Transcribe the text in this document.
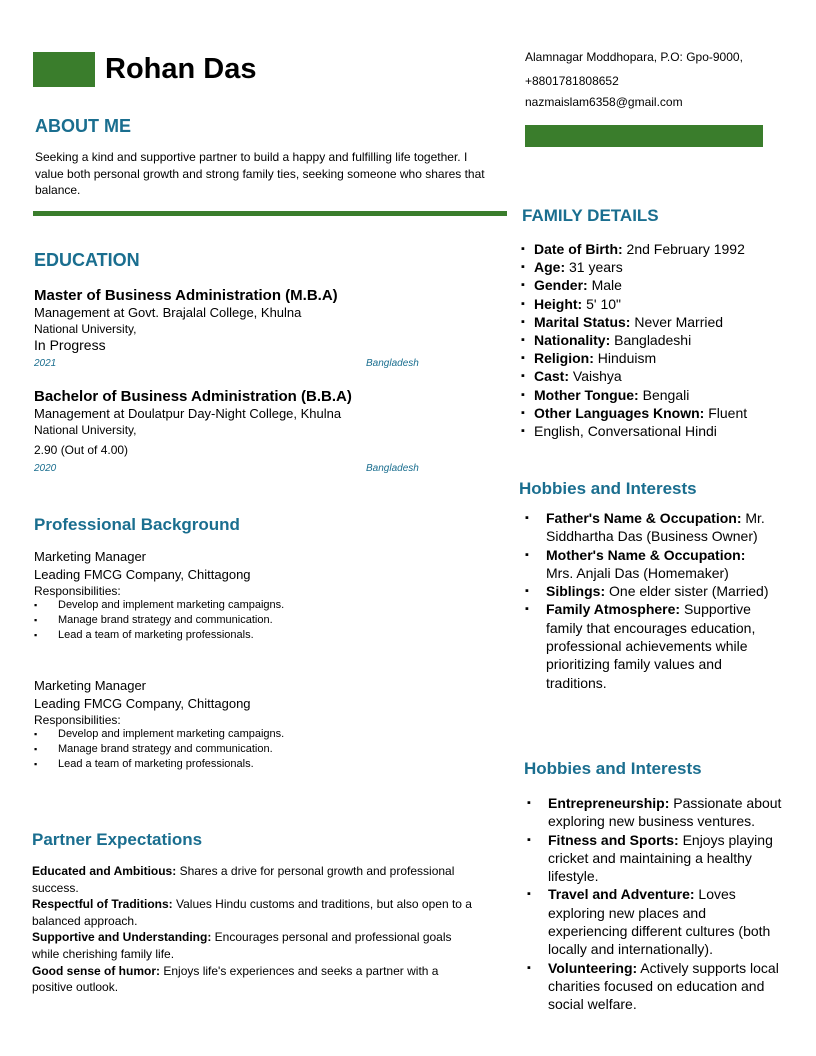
Rohan Das	Alamnagar Moddhopara, P.O: Gpo-9000,
+8801781808652
nazmaislam6358@gmail.com
ABOUT ME
Seeking a kind and supportive partner to build a happy and fulfilling life together. I value both personal growth and strong family ties, seeking someone who shares that balance.
EDUCATION
Master of Business Administration (M.B.A)
Management at Govt. Brajalal College, Khulna
National University,
In Progress
2021	Bangladesh
Bachelor of Business Administration (B.B.A)
Management at Doulatpur Day-Night College, Khulna
National University,
2.90 (Out of 4.00)
2020	Bangladesh
Professional Background
Marketing Manager
Leading FMCG Company, Chittagong
Responsibilities:
▪ Develop and implement marketing campaigns.
▪ Manage brand strategy and communication.
▪ Lead a team of marketing professionals.
Marketing Manager
Leading FMCG Company, Chittagong
Responsibilities:
▪ Develop and implement marketing campaigns.
▪ Manage brand strategy and communication.
▪ Lead a team of marketing professionals.
Partner Expectations

Educated and Ambitious: Shares a drive for personal growth and professional success.

Respectful of Traditions: Values Hindu customs and traditions, but also open to a balanced approach.

Supportive and Understanding: Encourages personal and professional goals while cherishing family life.

Good sense of humor: Enjoys life's experiences and seeks a partner with a positive outlook.

FAMILY DETAILS
▪ Date of Birth: 2nd February 1992
▪ Age: 31 years
▪ Gender: Male
▪ Height: 5' 10"
▪ Marital Status: Never Married
▪ Nationality: Bangladeshi
▪ Religion: Hinduism
▪ Cast: Vaishya
▪ Mother Tongue: Bengali
▪ Other Languages Known: Fluent
▪ English, Conversational Hindi
Hobbies and Interests
▪ Father's Name & Occupation: Mr. Siddhartha Das (Business Owner)
▪ Mother's Name & Occupation: Mrs. Anjali Das (Homemaker)
▪ Siblings: One elder sister (Married)
▪ Family Atmosphere: Supportive family that encourages education, professional achievements while prioritizing family values and traditions.
Hobbies and Interests
▪ Entrepreneurship: Passionate about exploring new business ventures.
▪ Fitness and Sports: Enjoys playing cricket and maintaining a healthy lifestyle.
▪ Travel and Adventure: Loves exploring new places and experiencing different cultures (both locally and internationally).
▪ Volunteering: Actively supports local charities focused on education and social welfare.
